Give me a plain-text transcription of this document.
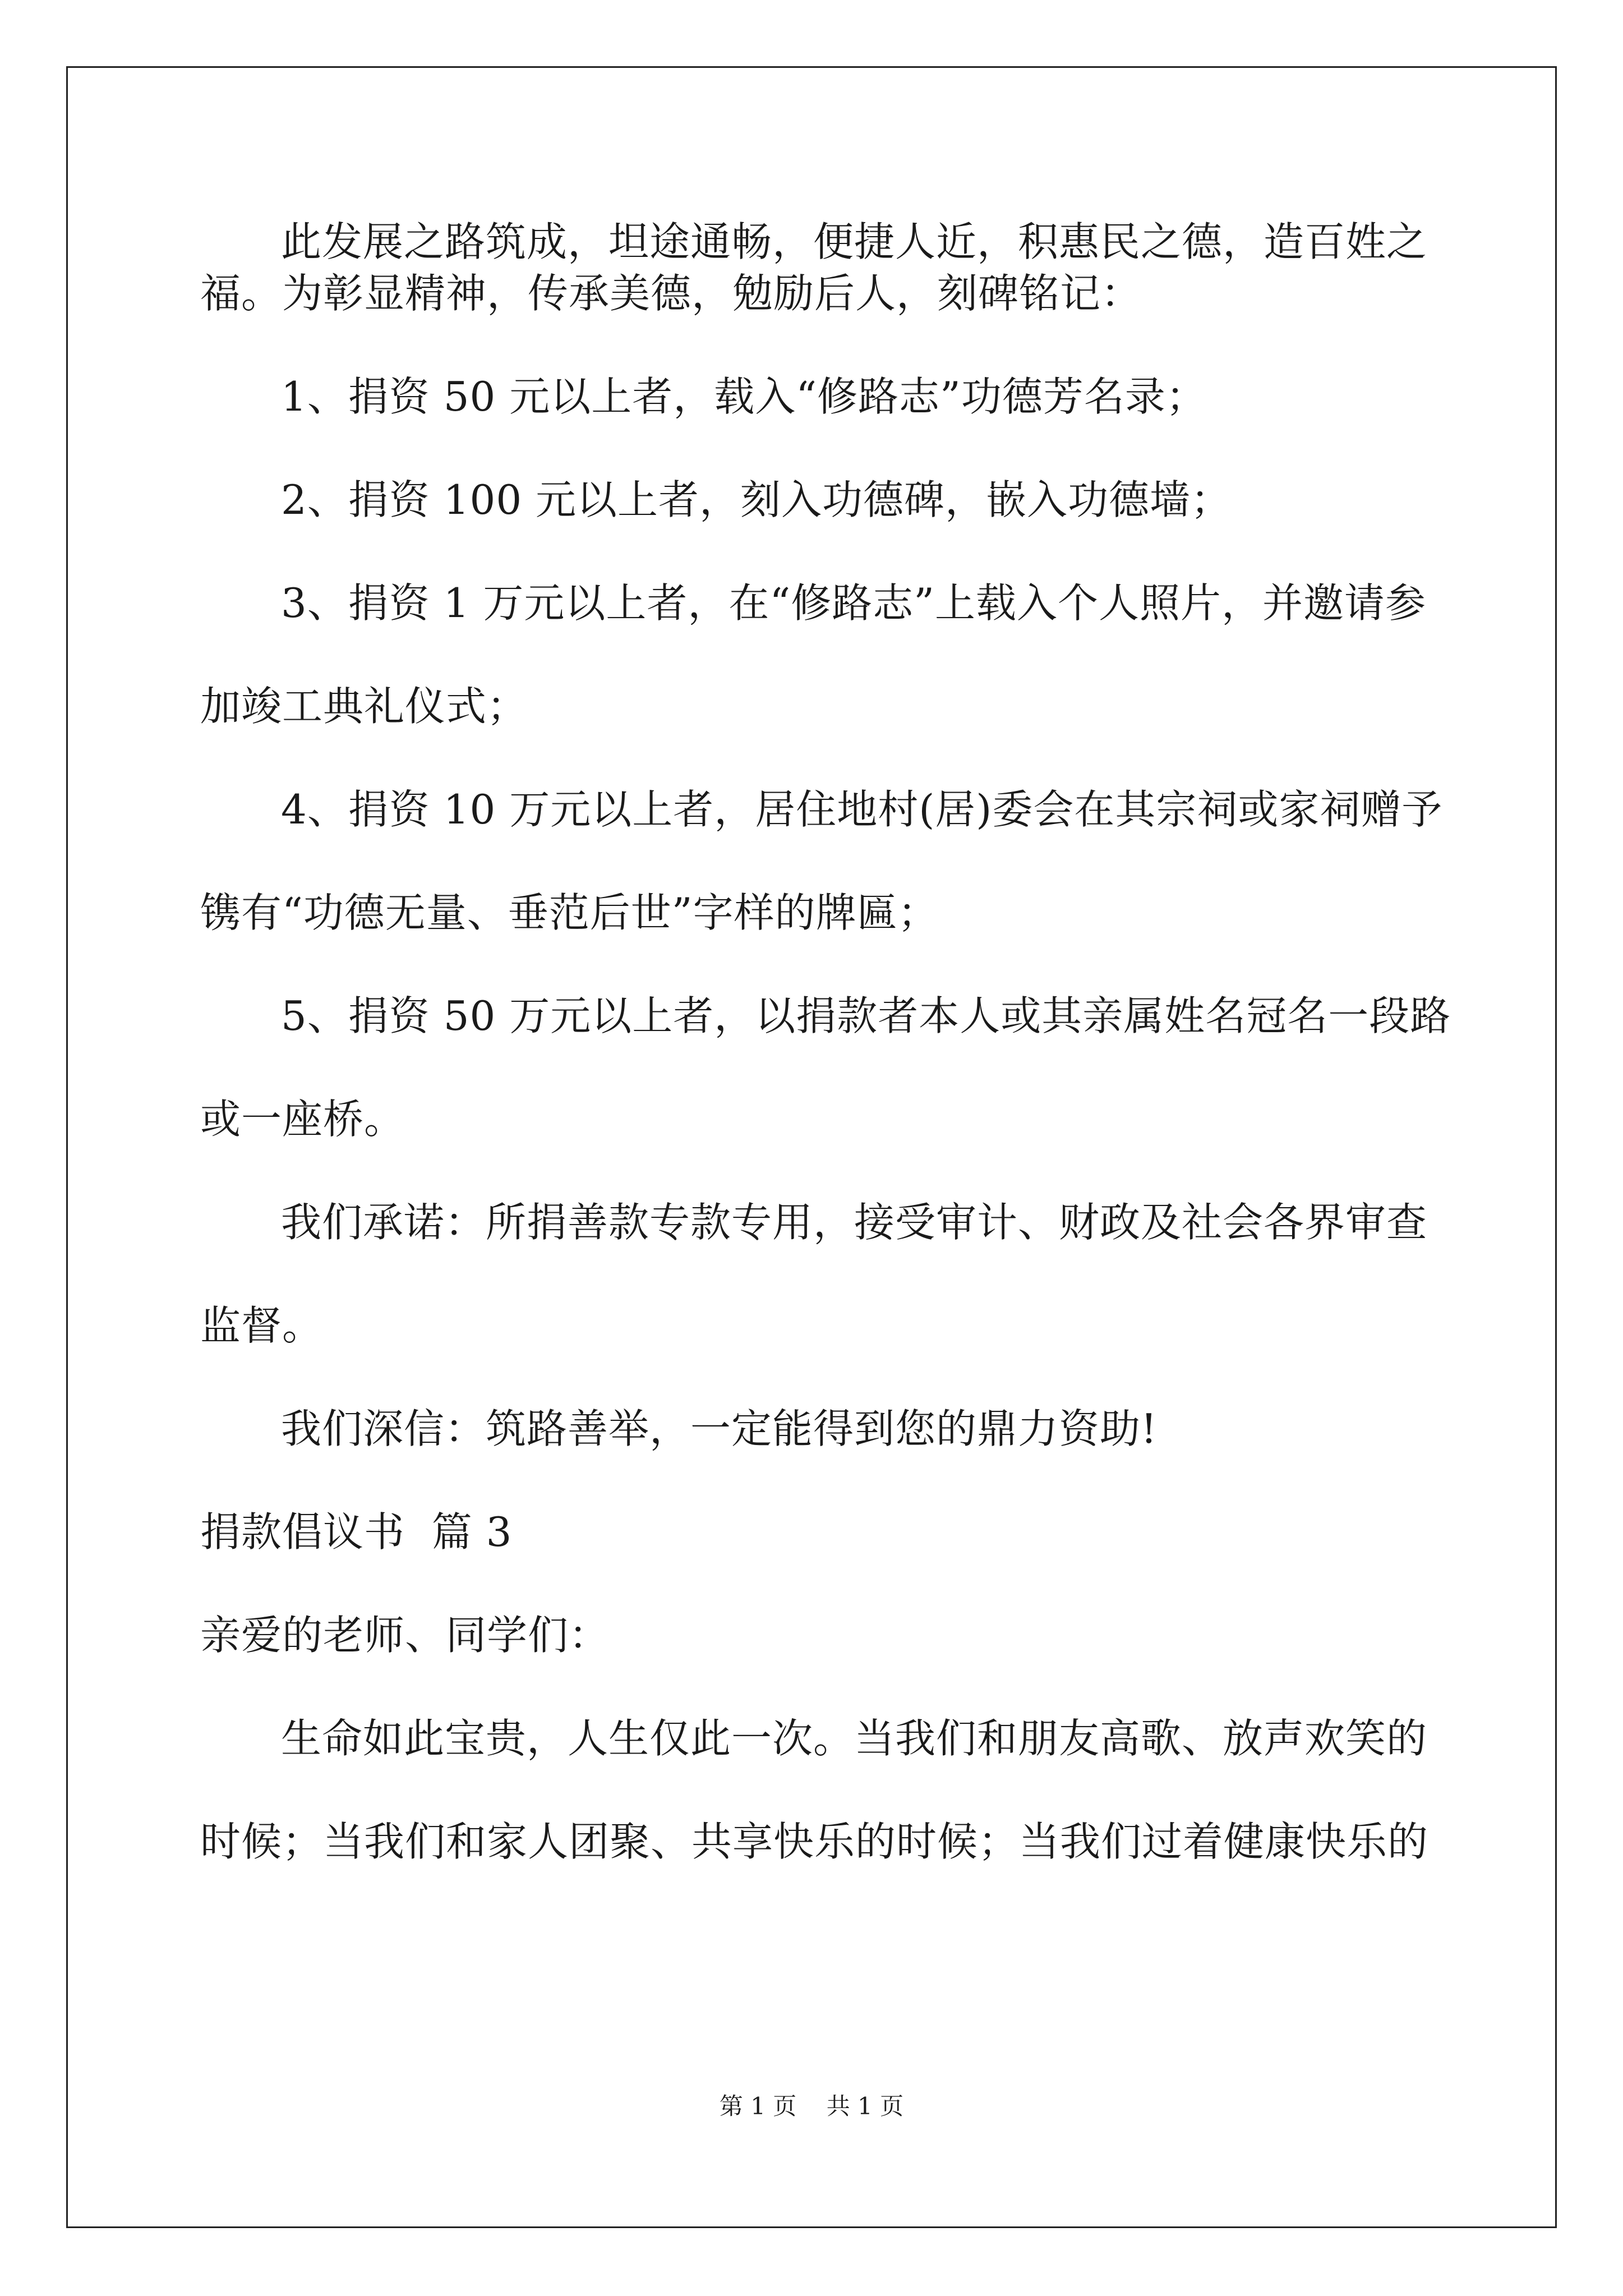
此发展之路筑成，坦途通畅，便捷人近，积惠民之德，造百姓之
福。为彰显精神，传承美德，勉励后人，刻碑铭记：
1、捐资 50 元以上者，载入“修路志”功德芳名录；
2、捐资 100 元以上者，刻入功德碑，嵌入功德墙；
3、捐资 1 万元以上者，在“修路志”上载入个人照片，并邀请参
加竣工典礼仪式；
4、捐资 10 万元以上者，居住地村(居)委会在其宗祠或家祠赠予
镌有“功德无量、垂范后世”字样的牌匾；
5、捐资 50 万元以上者，以捐款者本人或其亲属姓名冠名一段路
或一座桥。
我们承诺：所捐善款专款专用，接受审计、财政及社会各界审查
监督。
我们深信：筑路善举，一定能得到您的鼎力资助!
捐款倡议书  篇 3
亲爱的老师、同学们：
生命如此宝贵，人生仅此一次。当我们和朋友高歌、放声欢笑的
时候；当我们和家人团聚、共享快乐的时候；当我们过着健康快乐的
第 1 页    共 1 页
